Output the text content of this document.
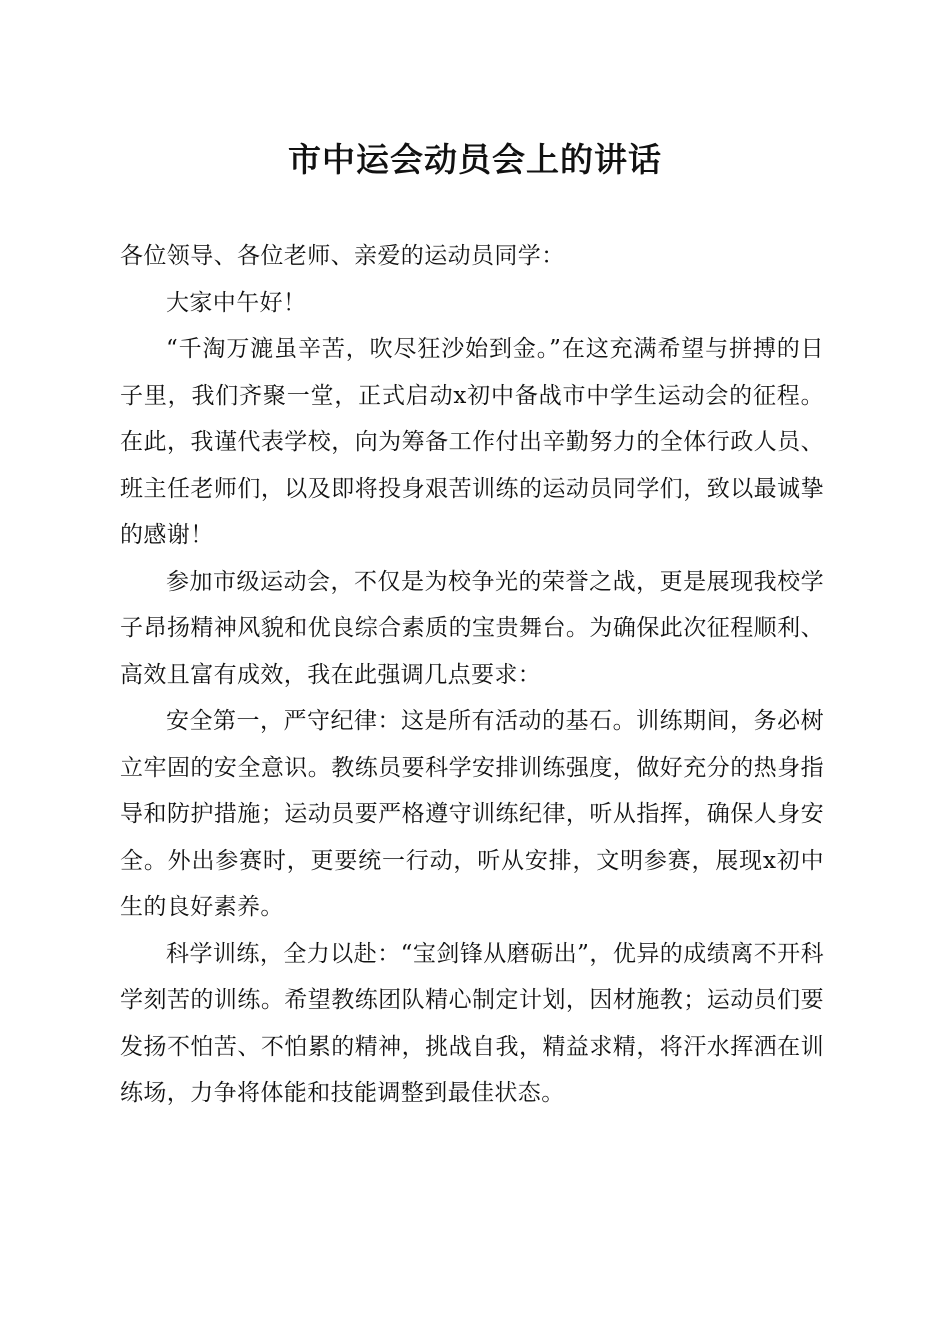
市中运会动员会上的讲话

各位领导、各位老师、亲爱的运动员同学：

大家中午好！

“千淘万漉虽辛苦，吹尽狂沙始到金。”在这充满希望与拼搏的日子里，我们齐聚一堂，正式启动x初中备战市中学生运动会的征程。在此，我谨代表学校，向为筹备工作付出辛勤努力的全体行政人员、班主任老师们，以及即将投身艰苦训练的运动员同学们，致以最诚挚的感谢！

参加市级运动会，不仅是为校争光的荣誉之战，更是展现我校学子昂扬精神风貌和优良综合素质的宝贵舞台。为确保此次征程顺利、高效且富有成效，我在此强调几点要求：

安全第一，严守纪律：这是所有活动的基石。训练期间，务必树立牢固的安全意识。教练员要科学安排训练强度，做好充分的热身指导和防护措施；运动员要严格遵守训练纪律，听从指挥，确保人身安全。外出参赛时，更要统一行动，听从安排，文明参赛，展现x初中生的良好素养。

科学训练，全力以赴：“宝剑锋从磨砺出”，优异的成绩离不开科学刻苦的训练。希望教练团队精心制定计划，因材施教；运动员们要发扬不怕苦、不怕累的精神，挑战自我，精益求精，将汗水挥洒在训练场，力争将体能和技能调整到最佳状态。
